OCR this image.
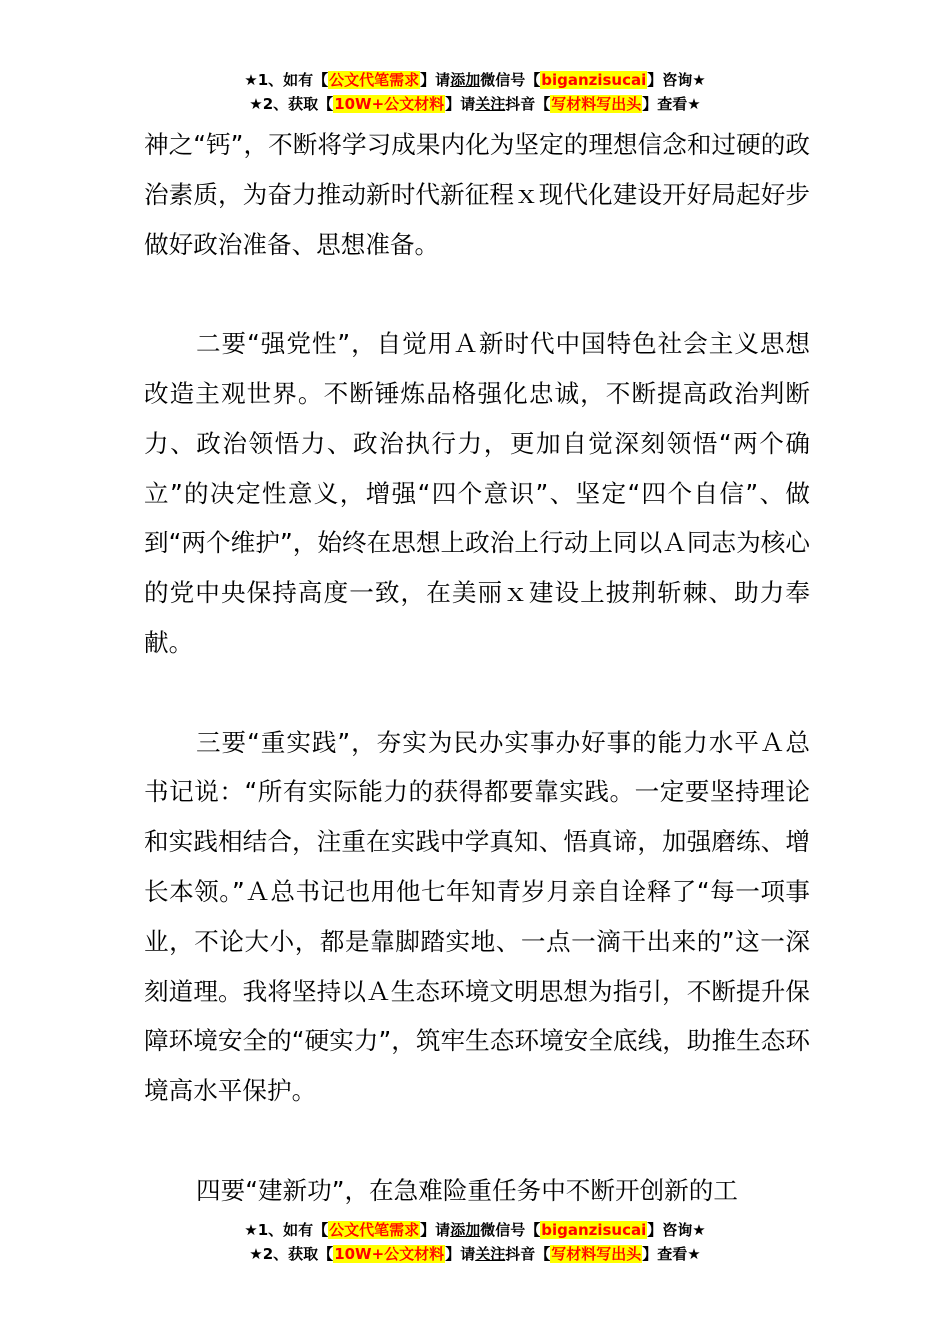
★1、如有【公文代笔需求】请添加微信号【biganzisucai】咨询★
★2、获取【10W+公文材料】请关注抖音【写材料写出头】查看★

神之“钙”，不断将学习成果内化为坚定的理想信念和过硬的政治素质，为奋力推动新时代新征程ｘ现代化建设开好局起好步做好政治准备、思想准备。

二要“强党性”，自觉用Ａ新时代中国特色社会主义思想改造主观世界。不断锤炼品格强化忠诚，不断提高政治判断力、政治领悟力、政治执行力，更加自觉深刻领悟“两个确立”的决定性意义，增强“四个意识”、坚定“四个自信”、做到“两个维护”，始终在思想上政治上行动上同以Ａ同志为核心的党中央保持高度一致，在美丽ｘ建设上披荆斩棘、助力奉献。

三要“重实践”，夯实为民办实事办好事的能力水平Ａ总书记说：“所有实际能力的获得都要靠实践。一定要坚持理论和实践相结合，注重在实践中学真知、悟真谛，加强磨练、增长本领。”Ａ总书记也用他七年知青岁月亲自诠释了“每一项事业，不论大小，都是靠脚踏实地、一点一滴干出来的”这一深刻道理。我将坚持以Ａ生态环境文明思想为指引，不断提升保障环境安全的“硬实力”，筑牢生态环境安全底线，助推生态环境高水平保护。

四要“建新功”，在急难险重任务中不断开创新的工

★1、如有【公文代笔需求】请添加微信号【biganzisucai】咨询★
★2、获取【10W+公文材料】请关注抖音【写材料写出头】查看★
